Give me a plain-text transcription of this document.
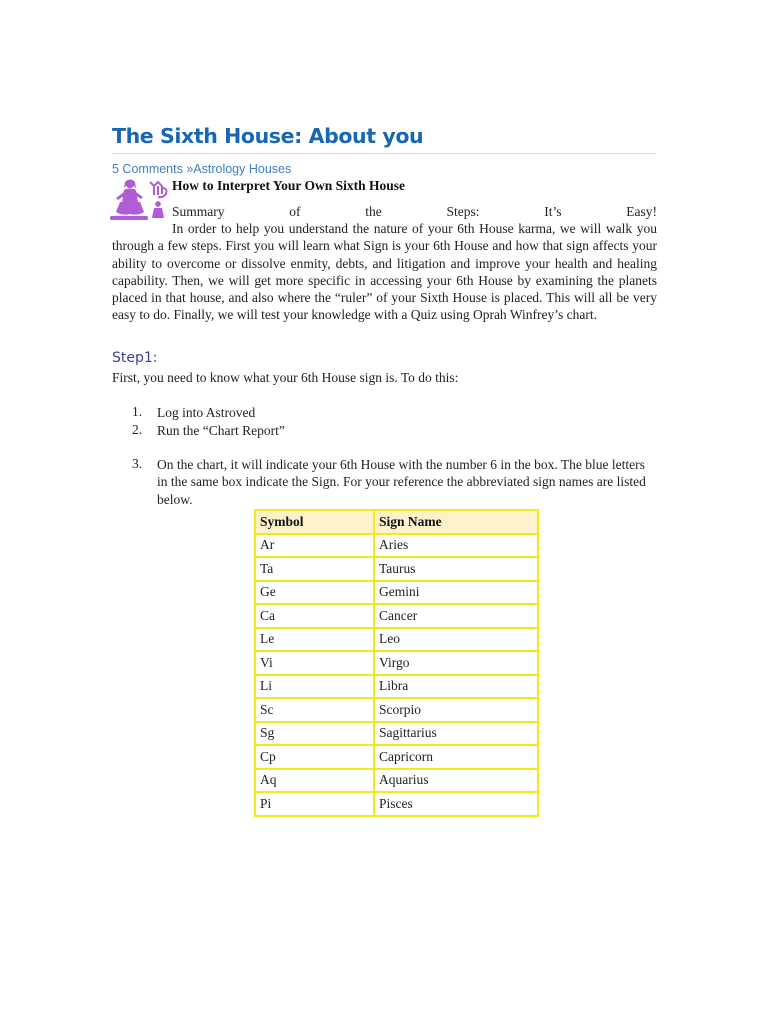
The Sixth House: About you
5 Comments »Astrology Houses
How to Interpret Your Own Sixth House
Summary	of	the	Steps:	It’s	Easy!
In order to help you understand the nature of your 6th House karma, we will walk you through a few steps. First you will learn what Sign is your 6th House and how that sign affects your ability to overcome or dissolve enmity, debts, and litigation and improve your health and healing capability. Then, we will get more specific in accessing your 6th House by examining the planets placed in that house, and also where the “ruler” of your Sixth House is placed. This will all be very easy to do. Finally, we will test your knowledge with a Quiz using Oprah Winfrey’s chart.
Step1:
First, you need to know what your 6th House sign is. To do this:
1.	Log into Astroved
2.	Run the “Chart Report”
3.	On the chart, it will indicate your 6th House with the number 6 in the box. The blue letters in the same box indicate the Sign. For your reference the abbreviated sign names are listed below.
Symbol	Sign Name
Ar	Aries
Ta	Taurus
Ge	Gemini
Ca	Cancer
Le	Leo
Vi	Virgo
Li	Libra
Sc	Scorpio
Sg	Sagittarius
Cp	Capricorn
Aq	Aquarius
Pi	Pisces
